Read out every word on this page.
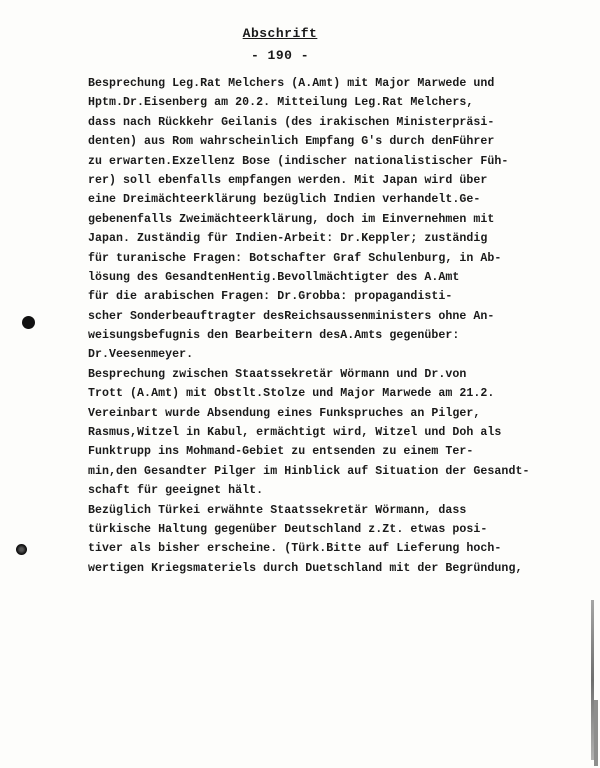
Abschrift
- 190 -
Besprechung Leg.Rat Melchers (A.Amt) mit Major Marwede und
Hptm.Dr.Eisenberg am 20.2. Mitteilung Leg.Rat Melchers,
dass nach Rückkehr Geilanis (des irakischen Ministerpräsi-
denten) aus Rom wahrscheinlich Empfang G's durch denFührer
zu erwarten.Exzellenz Bose (indischer nationalistischer Füh-
rer) soll ebenfalls empfangen werden. Mit Japan wird über
eine Dreimächteerklärung bezüglich Indien verhandelt.Ge-
gebenenfalls Zweimächteerklärung, doch im Einvernehmen mit
Japan. Zuständig für Indien-Arbeit: Dr.Keppler; zuständig
für turanische Fragen: Botschafter Graf Schulenburg, in Ab-
lösung des GesandtenHentig.Bevollmächtigter des A.Amt
für die arabischen Fragen: Dr.Grobba: propagandisti-
scher Sonderbeauftragter desReichsaussenministers ohne An-
weisungsbefugnis den Bearbeitern desA.Amts gegenüber:
Dr.Veesenmeyer.
Besprechung zwischen Staatssekretär Wörmann und Dr.von
Trott (A.Amt) mit Obstlt.Stolze und Major Marwede am 21.2.
Vereinbart wurde Absendung eines Funkspruches an Pilger,
Rasmus,Witzel in Kabul, ermächtigt wird, Witzel und Doh als
Funktrupp ins Mohmand-Gebiet zu entsenden zu einem Ter-
min,den Gesandter Pilger im Hinblick auf Situation der Gesandt-
schaft für geeignet hält.
Bezüglich Türkei erwähnte Staatssekretär Wörmann, dass
türkische Haltung gegenüber Deutschland z.Zt. etwas posi-
tiver als bisher erscheine. (Türk.Bitte auf Lieferung hoch-
wertigen Kriegsmateriels durch Duetschland mit der Begründung,
